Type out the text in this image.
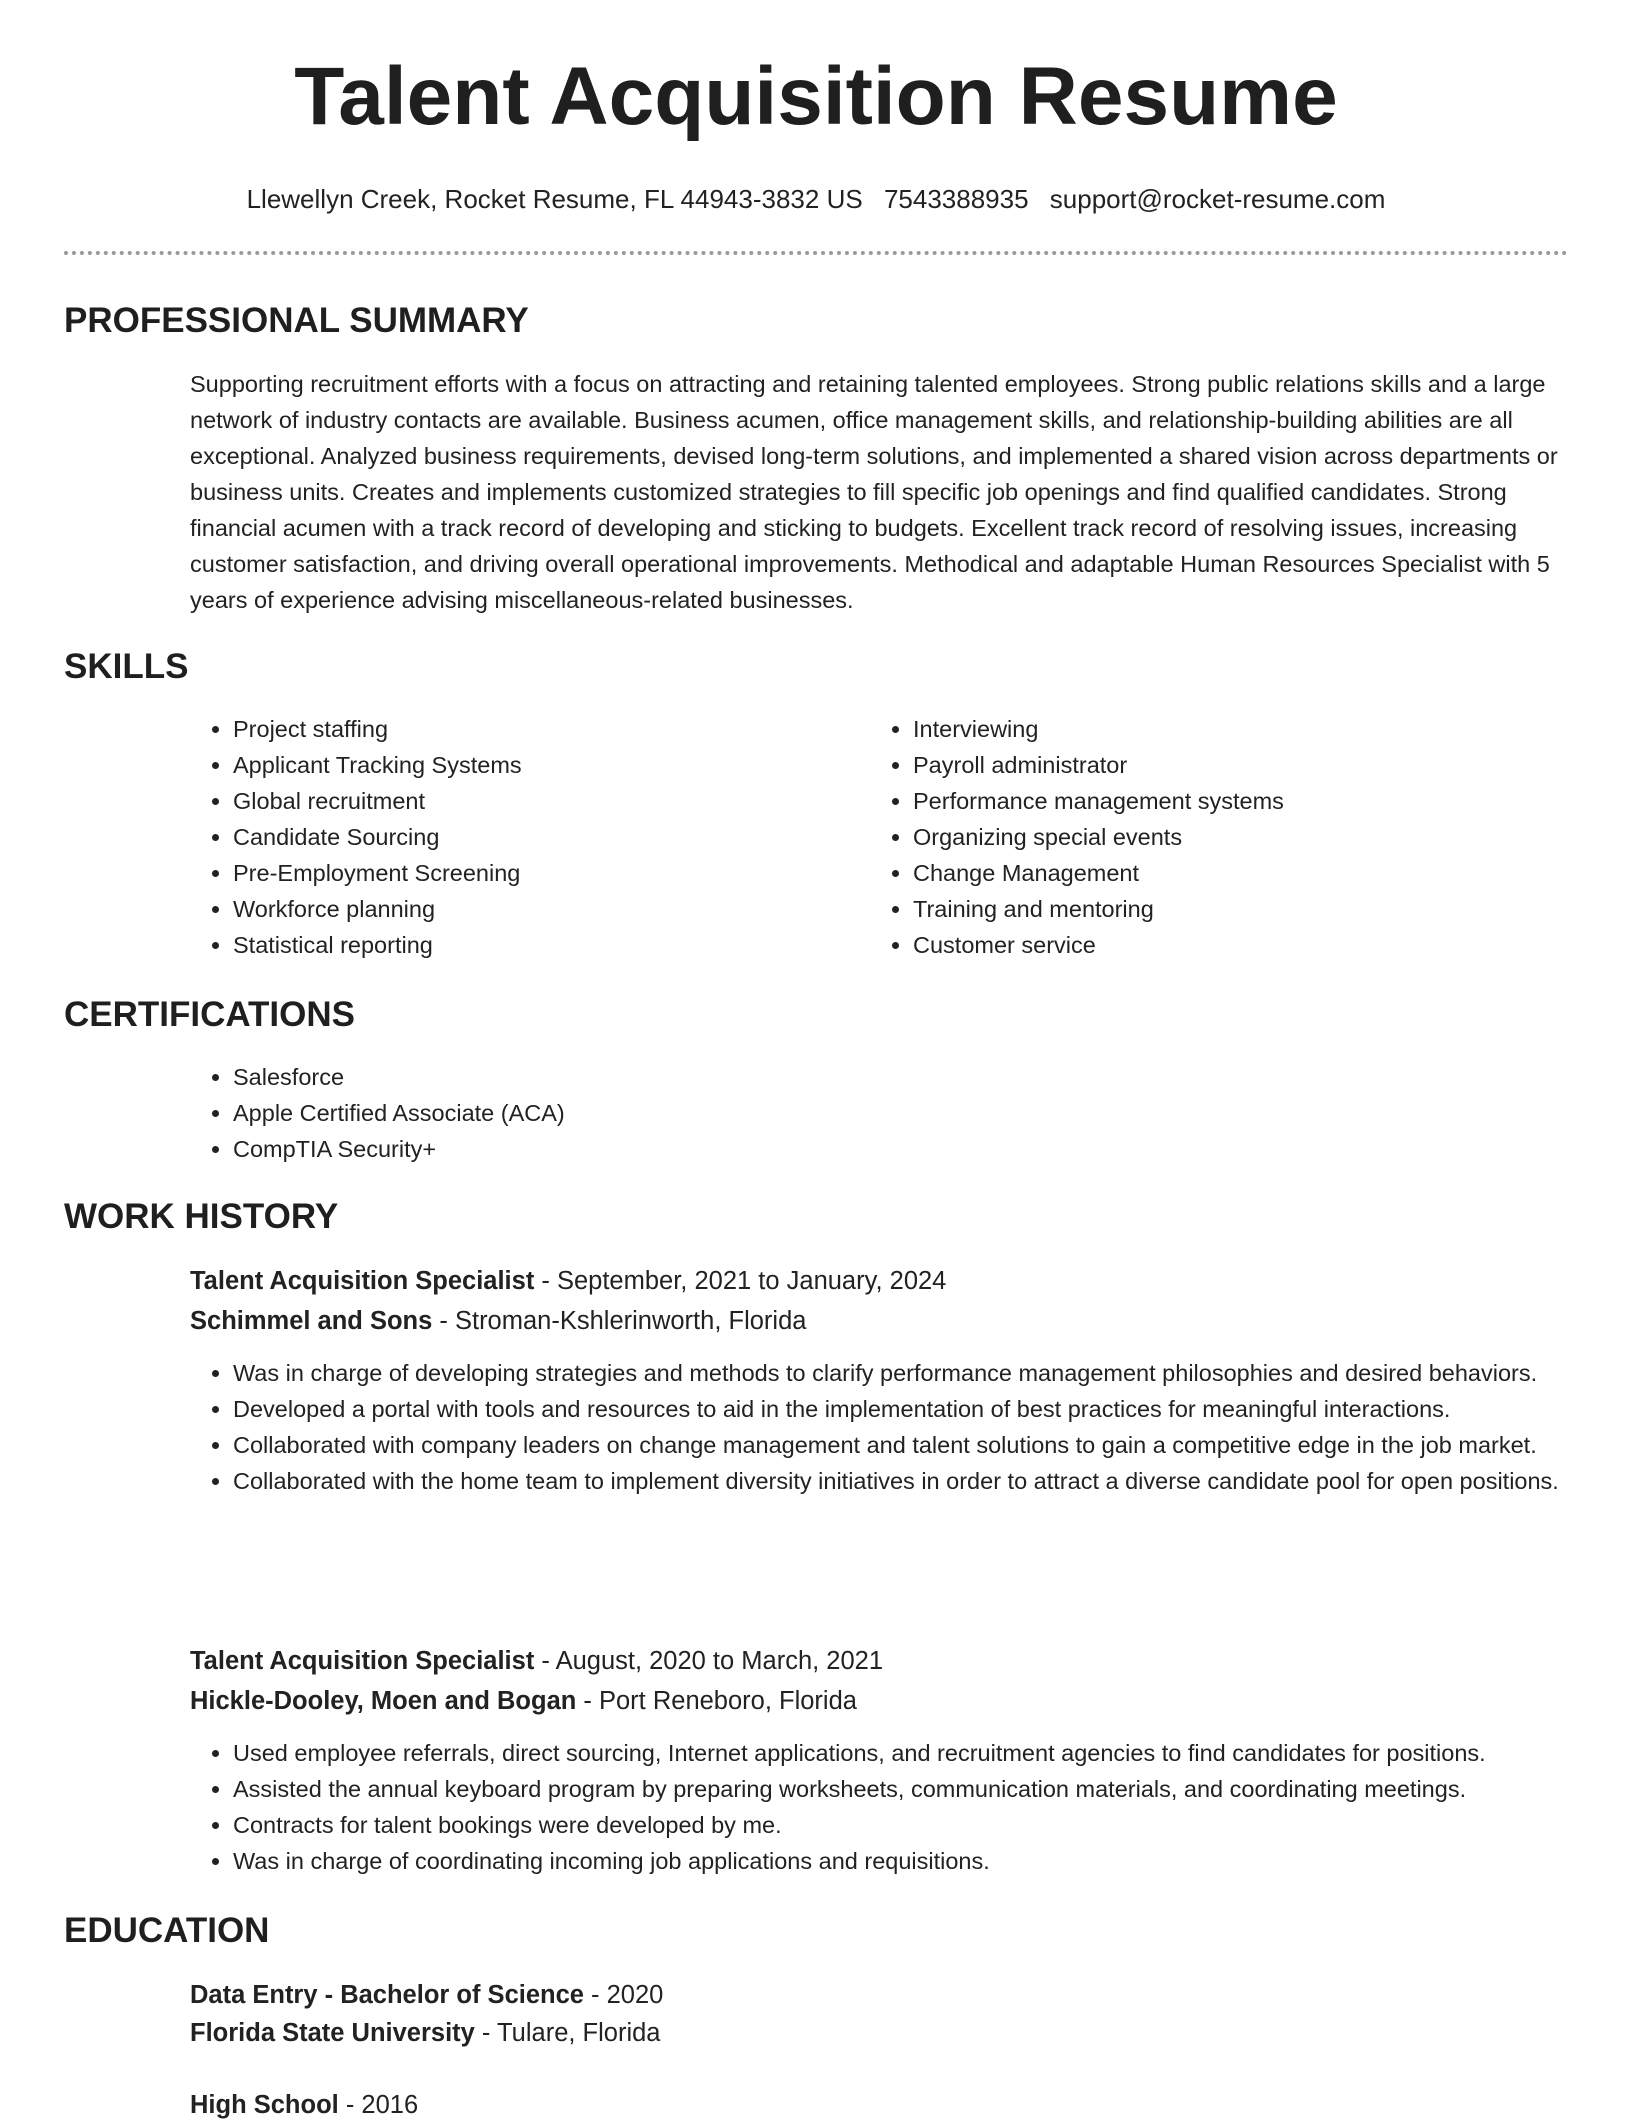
Talent Acquisition Resume
Llewellyn Creek, Rocket Resume, FL 44943-3832 US 7543388935 support@rocket-resume.com
PROFESSIONAL SUMMARY

Supporting recruitment efforts with a focus on attracting and retaining talented employees. Strong public relations skills and a large network of industry contacts are available. Business acumen, office management skills, and relationship-building abilities are all exceptional. Analyzed business requirements, devised long-term solutions, and implemented a shared vision across departments or business units. Creates and implements customized strategies to fill specific job openings and find qualified candidates. Strong financial acumen with a track record of developing and sticking to budgets. Excellent track record of resolving issues, increasing customer satisfaction, and driving overall operational improvements. Methodical and adaptable Human Resources Specialist with 5 years of experience advising miscellaneous-related businesses.

SKILLS
• Project staffing
• Applicant Tracking Systems
• Global recruitment
• Candidate Sourcing
• Pre-Employment Screening
• Workforce planning
• Statistical reporting
• Interviewing
• Payroll administrator
• Performance management systems
• Organizing special events
• Change Management
• Training and mentoring
• Customer service
CERTIFICATIONS
• Salesforce
• Apple Certified Associate (ACA)
• CompTIA Security+
WORK HISTORY
Talent Acquisition Specialist - September, 2021 to January, 2024
Schimmel and Sons - Stroman-Kshlerinworth, Florida
• Was in charge of developing strategies and methods to clarify performance management philosophies and desired behaviors.
• Developed a portal with tools and resources to aid in the implementation of best practices for meaningful interactions.
• Collaborated with company leaders on change management and talent solutions to gain a competitive edge in the job market.
• Collaborated with the home team to implement diversity initiatives in order to attract a diverse candidate pool for open positions.
Talent Acquisition Specialist - August, 2020 to March, 2021
Hickle-Dooley, Moen and Bogan - Port Reneboro, Florida
• Used employee referrals, direct sourcing, Internet applications, and recruitment agencies to find candidates for positions.
• Assisted the annual keyboard program by preparing worksheets, communication materials, and coordinating meetings.
• Contracts for talent bookings were developed by me.
• Was in charge of coordinating incoming job applications and requisitions.
EDUCATION
Data Entry - Bachelor of Science - 2020
Florida State University - Tulare, Florida
High School - 2016
